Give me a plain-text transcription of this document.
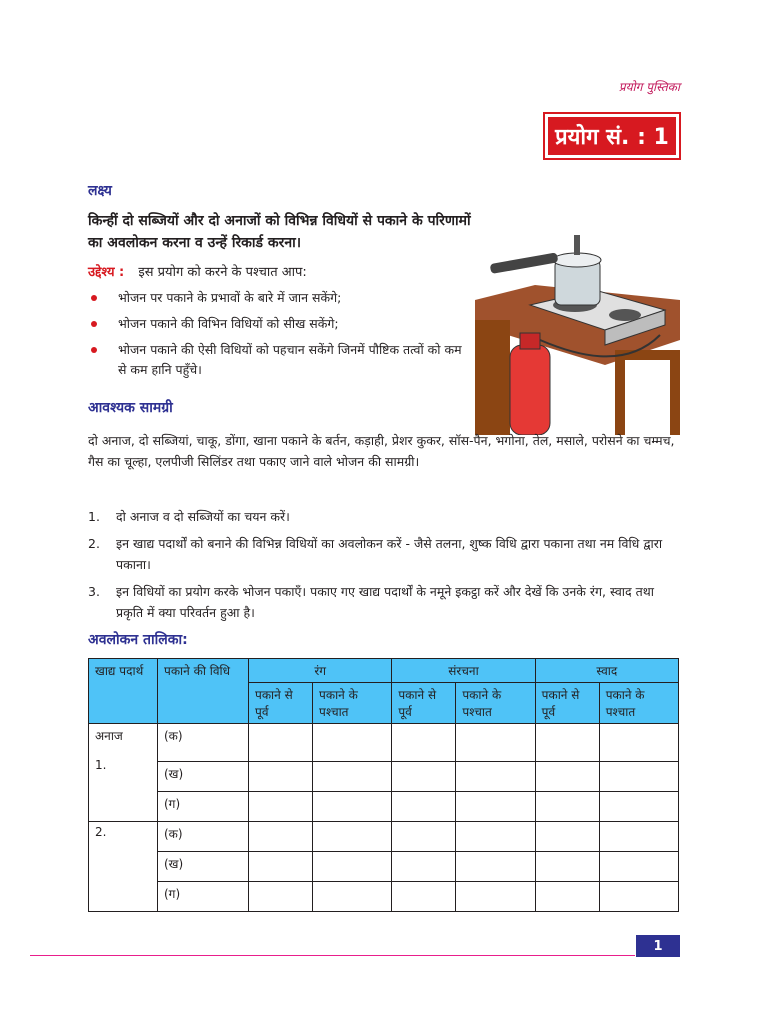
प्रयोग पुस्तिका
प्रयोग सं. : 1
लक्ष्य
किन्हीं दो सब्जियों और दो अनाजों को विभिन्न विधियों से पकाने के परिणामों का अवलोकन करना व उन्हें रिकार्ड करना।
उद्देश्य : इस प्रयोग को करने के पश्चात आप:
भोजन पर पकाने के प्रभावों के बारे में जान सकेंगे;
भोजन पकाने की विभिन विधियों को सीख सकेंगे;
भोजन पकाने की ऐसी विधियों को पहचान सकेंगे जिनमें पौष्टिक तत्वों को कम से कम हानि पहुँचे।
आवश्यक सामग्री
दो अनाज, दो सब्जियां, चाकू, डोंगा, खाना पकाने के बर्तन, कड़ाही, प्रेशर कुकर, सॉस-पैन, भगोना, तेल, मसाले, परोसने का चम्मच, गैस का चूल्हा, एलपीजी सिलिंडर तथा पकाए जाने वाले भोजन की सामग्री।
1. दो अनाज व दो सब्जियों का चयन करें।
2. इन खाद्य पदार्थों को बनाने की विभिन्न विधियों का अवलोकन करें - जैसे तलना, शुष्क विधि द्वारा पकाना तथा नम विधि द्वारा पकाना।
3. इन विधियों का प्रयोग करके भोजन पकाएँ। पकाए गए खाद्य पदार्थों के नमूने इकट्ठा करें और देखें कि उनके रंग, स्वाद तथा प्रकृति में क्या परिवर्तन हुआ है।
अवलोकन तालिका:
खाद्य पदार्थ	पकाने की विधि	रंग		संरचना		स्वाद	
		पकाने से पूर्व	पकाने के पश्चात	पकाने से पूर्व	पकाने के पश्चात	पकाने से पूर्व	पकाने के पश्चात

अनाज
1.	(क)						
	(ख)						
	(ग)						
2.	(क)						
	(ख)						
	(ग)						
1
